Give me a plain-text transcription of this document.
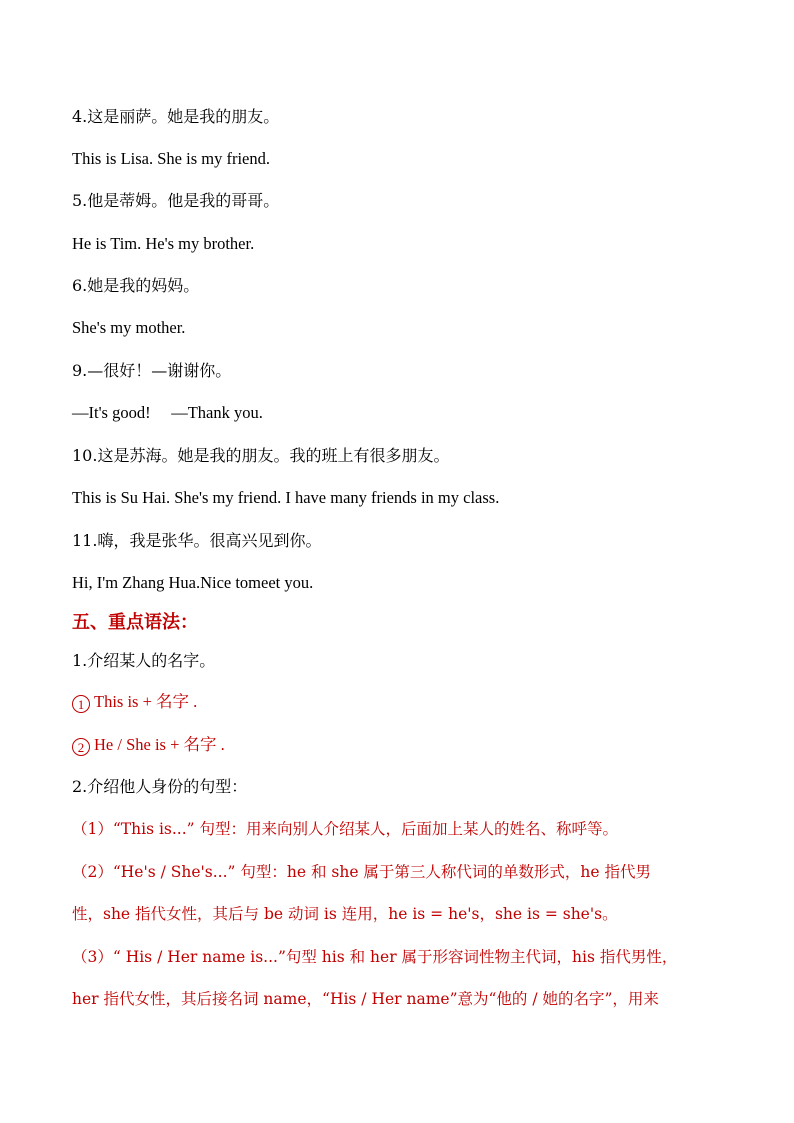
4.这是丽萨。她是我的朋友。
This is Lisa. She is my friend.
5.他是蒂姆。他是我的哥哥。
He is Tim. He's my brother.
6.她是我的妈妈。
She's my mother.
9.—很好！—谢谢你。
—It's good!     —Thank you.
10.这是苏海。她是我的朋友。我的班上有很多朋友。
This is Su Hai. She's my friend. I have many friends in my class.
11.嗨，我是张华。很高兴见到你。
Hi, I'm Zhang Hua.Nice tomeet you.
五、重点语法：
1.介绍某人的名字。
1 This is + 名字 .
2 He / She is + 名字 .
2.介绍他人身份的句型：
（1）“This is...” 句型：用来向别人介绍某人，后面加上某人的姓名、称呼等。
（2）“He's / She's...” 句型：he 和 she 属于第三人称代词的单数形式，he 指代男
性，she 指代女性，其后与 be 动词 is 连用，he is = he's，she is = she's。
（3）“ His / Her name is...”句型 his 和 her 属于形容词性物主代词，his 指代男性，
her 指代女性，其后接名词 name，“His / Her name”意为“他的 / 她的名字”，用来
